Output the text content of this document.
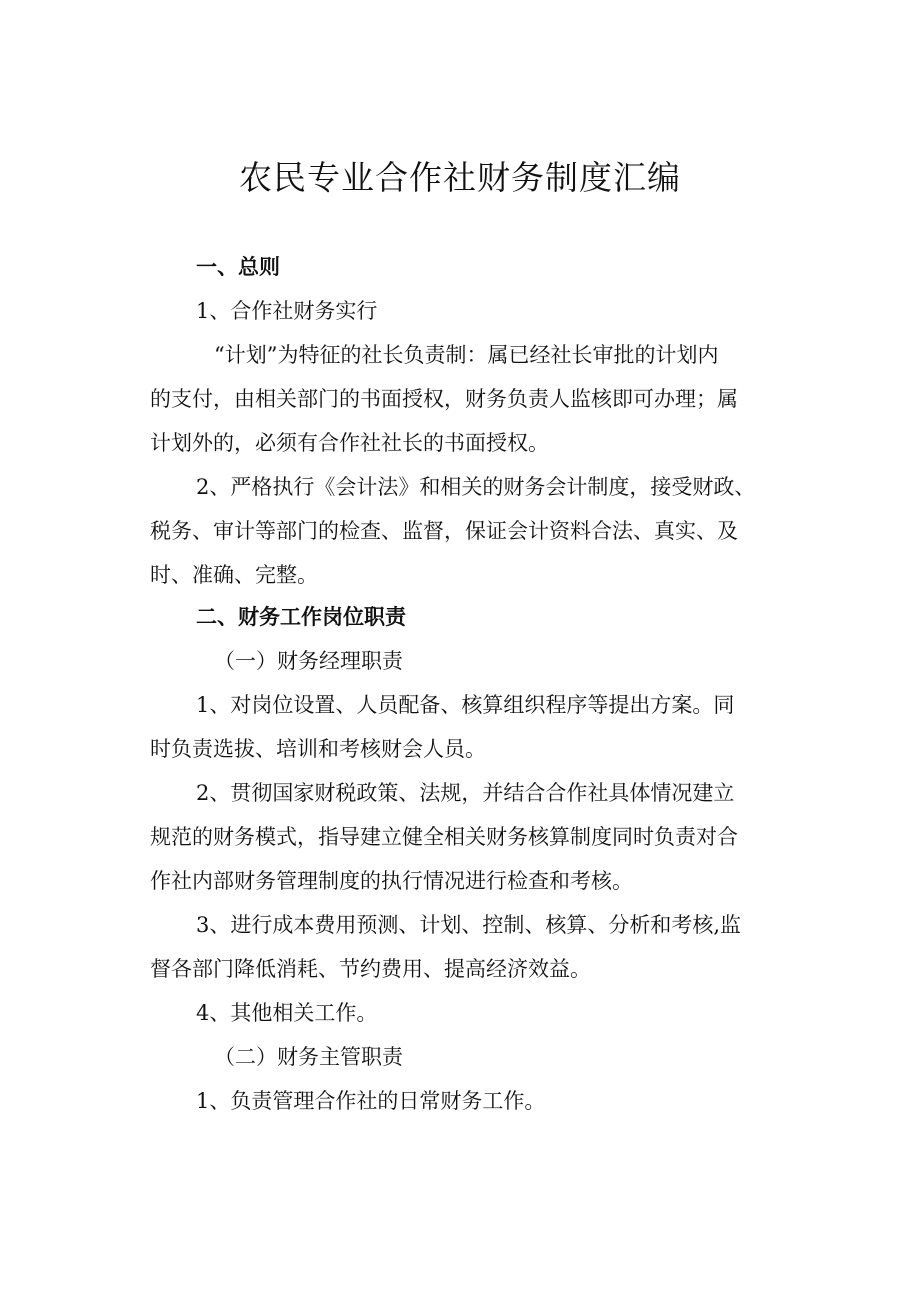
农民专业合作社财务制度汇编
一、总则
1、合作社财务实行
“计划”为特征的社长负责制：属已经社长审批的计划内
的支付，由相关部门的书面授权，财务负责人监核即可办理；属
计划外的，必须有合作社社长的书面授权。
2、严格执行《会计法》和相关的财务会计制度，接受财政、
税务、审计等部门的检查、监督，保证会计资料合法、真实、及
时、准确、完整。
二、财务工作岗位职责
（一）财务经理职责
1、对岗位设置、人员配备、核算组织程序等提出方案。同
时负责选拔、培训和考核财会人员。
2、贯彻国家财税政策、法规，并结合合作社具体情况建立
规范的财务模式，指导建立健全相关财务核算制度同时负责对合
作社内部财务管理制度的执行情况进行检查和考核。
3、进行成本费用预测、计划、控制、核算、分析和考核,监
督各部门降低消耗、节约费用、提高经济效益。
4、其他相关工作。
（二）财务主管职责
1、负责管理合作社的日常财务工作。
